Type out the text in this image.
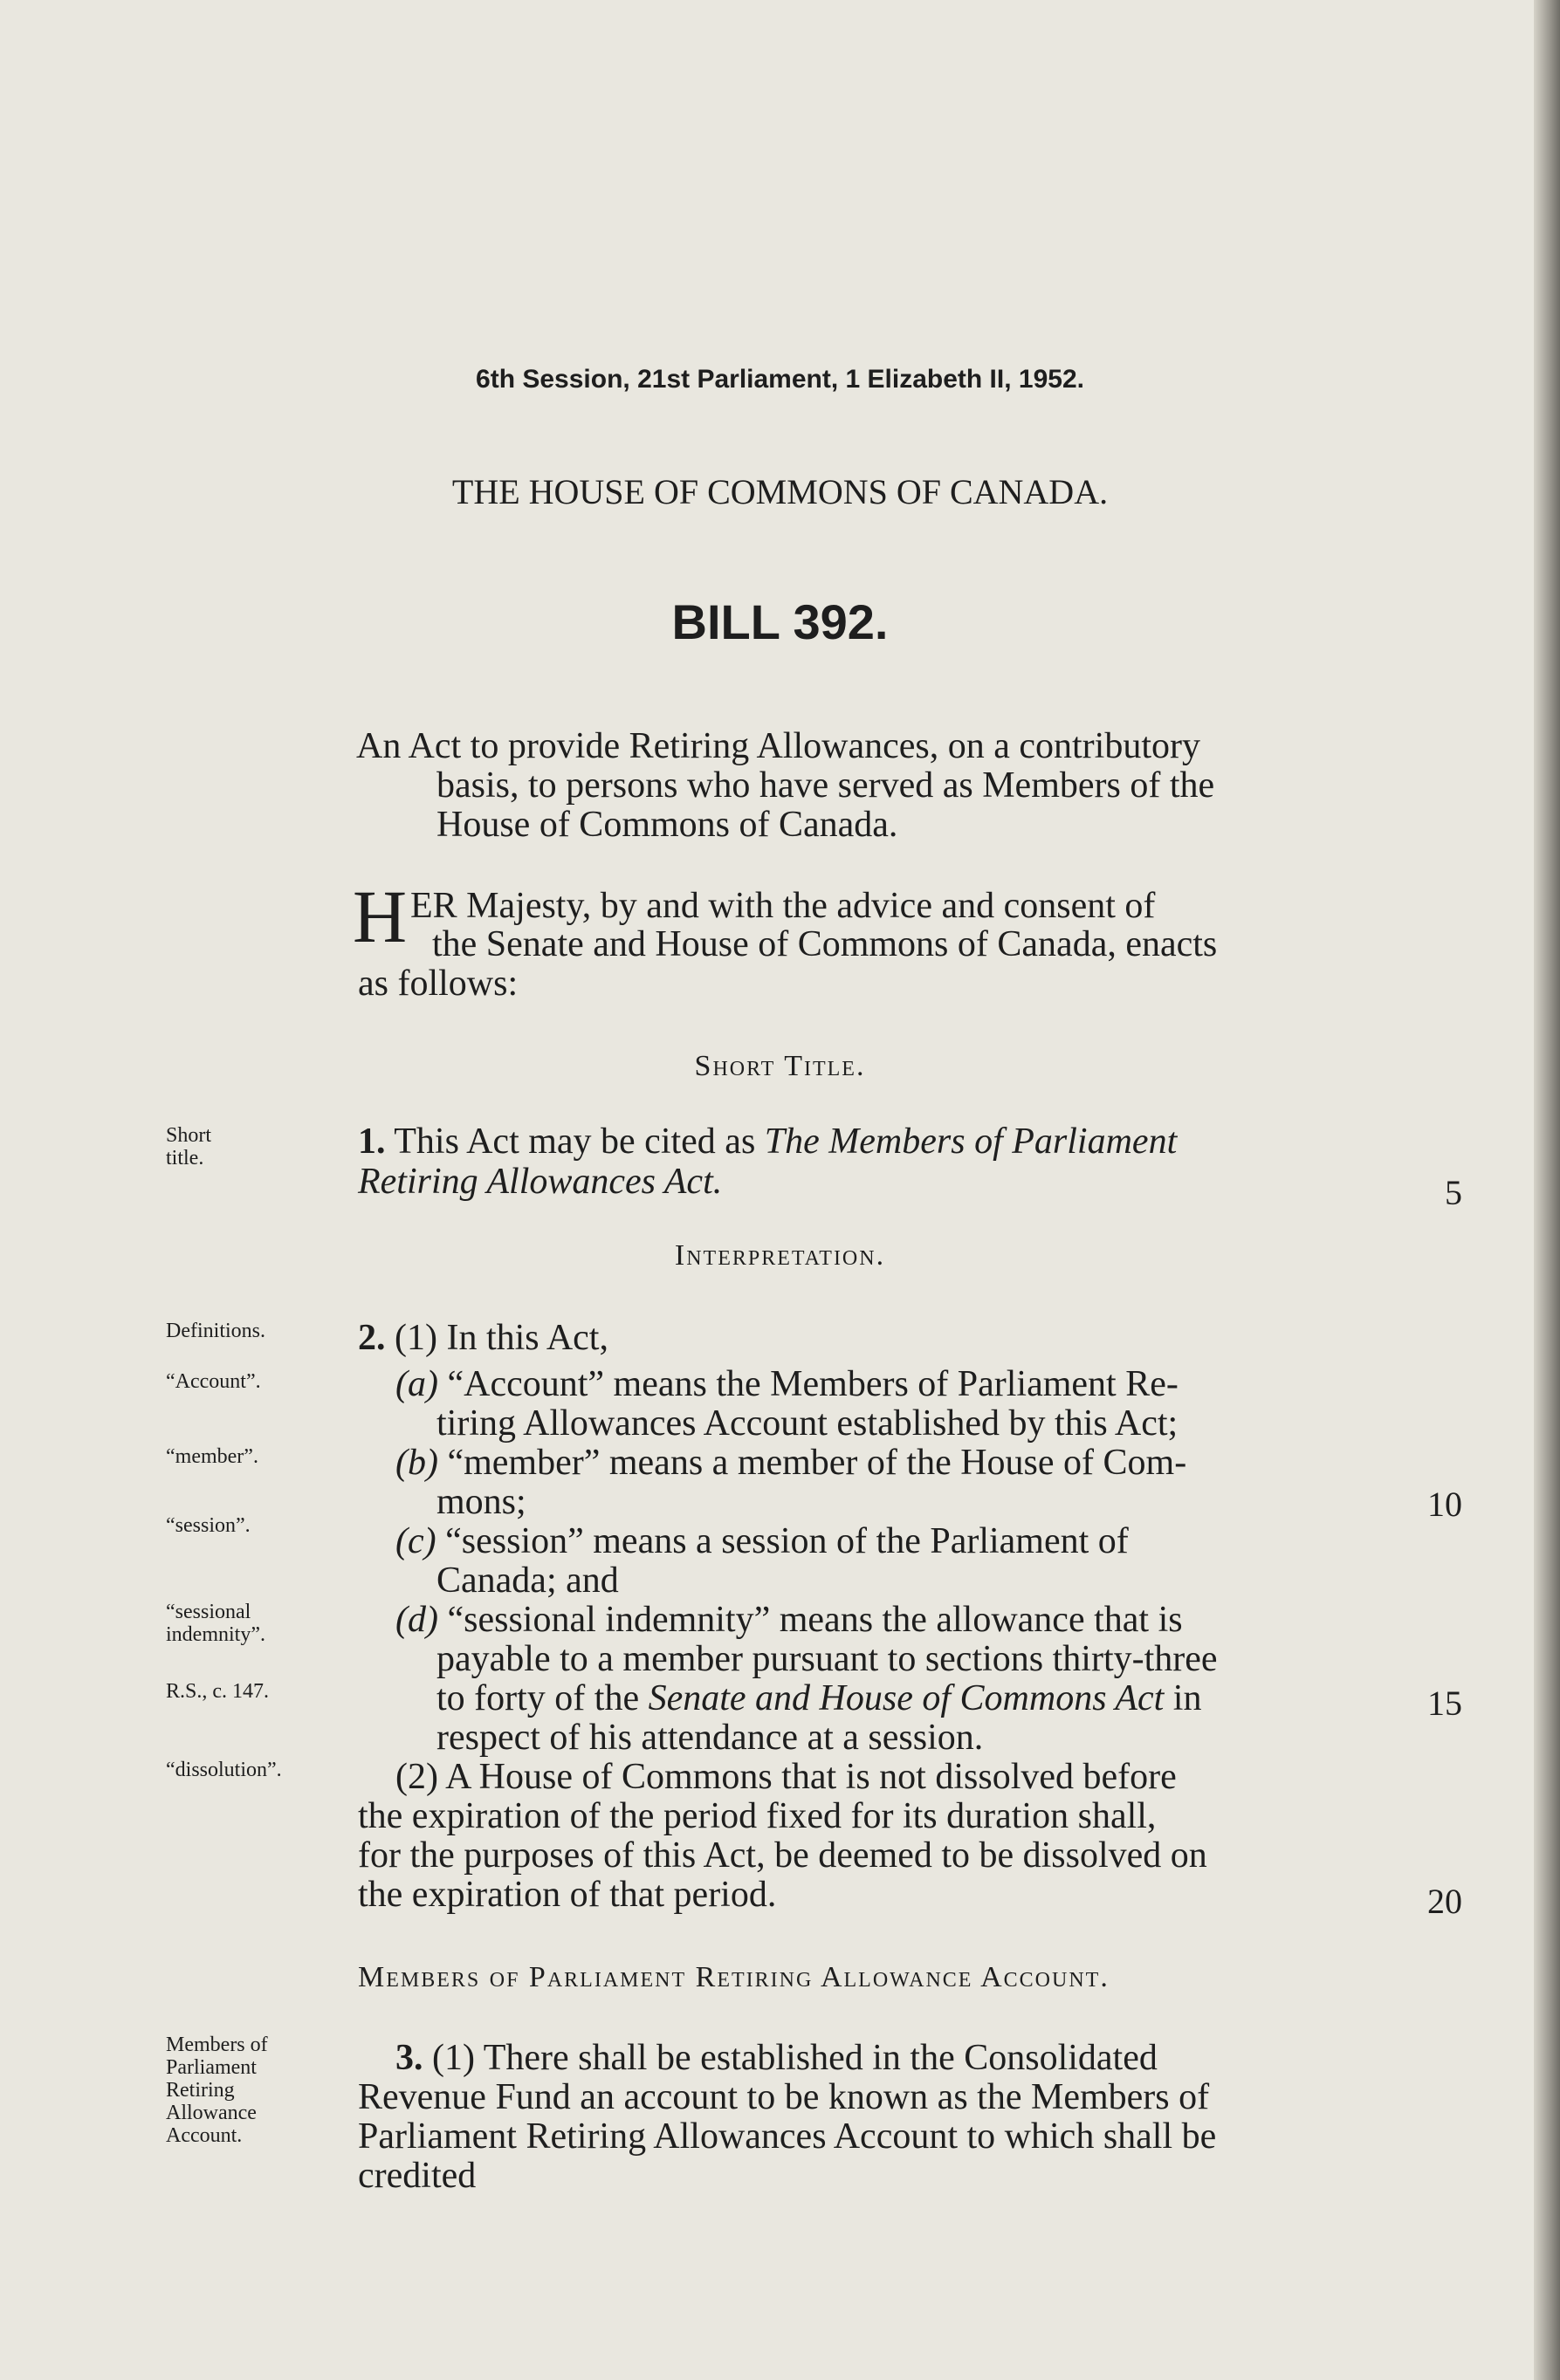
6th Session, 21st Parliament, 1 Elizabeth II, 1952.

THE HOUSE OF COMMONS OF CANADA.

BILL 392.

An Act to provide Retiring Allowances, on a contributory

basis, to persons who have served as Members of the

House of Commons of Canada.

H ER Majesty, by and with the advice and consent of

the Senate and House of Commons of Canada, enacts

as follows:

Short Title.

Short
title.	1. This Act may be cited as The Members of Parliament

Retiring Allowances Act.	5

Interpretation.

Definitions.	2. (1) In this Act,

“Account”.	(a) “Account” means the Members of Parliament Re-

tiring Allowances Account established by this Act;

“member”.	(b) “member” means a member of the House of Com-

mons;	10

“session”.	(c) “session” means a session of the Parliament of

Canada; and

“sessional
indemnity”.	(d) “sessional indemnity” means the allowance that is

payable to a member pursuant to sections thirty-three

R.S., c. 147.	to forty of the Senate and House of Commons Act in	15

respect of his attendance at a session.

“dissolution”.	(2) A House of Commons that is not dissolved before

the expiration of the period fixed for its duration shall,

for the purposes of this Act, be deemed to be dissolved on

the expiration of that period.	20

Members of Parliament Retiring Allowance Account.

Members of
Parliament
Retiring
Allowance
Account.

3. (1) There shall be established in the Consolidated

Revenue Fund an account to be known as the Members of

Parliament Retiring Allowances Account to which shall be

credited
